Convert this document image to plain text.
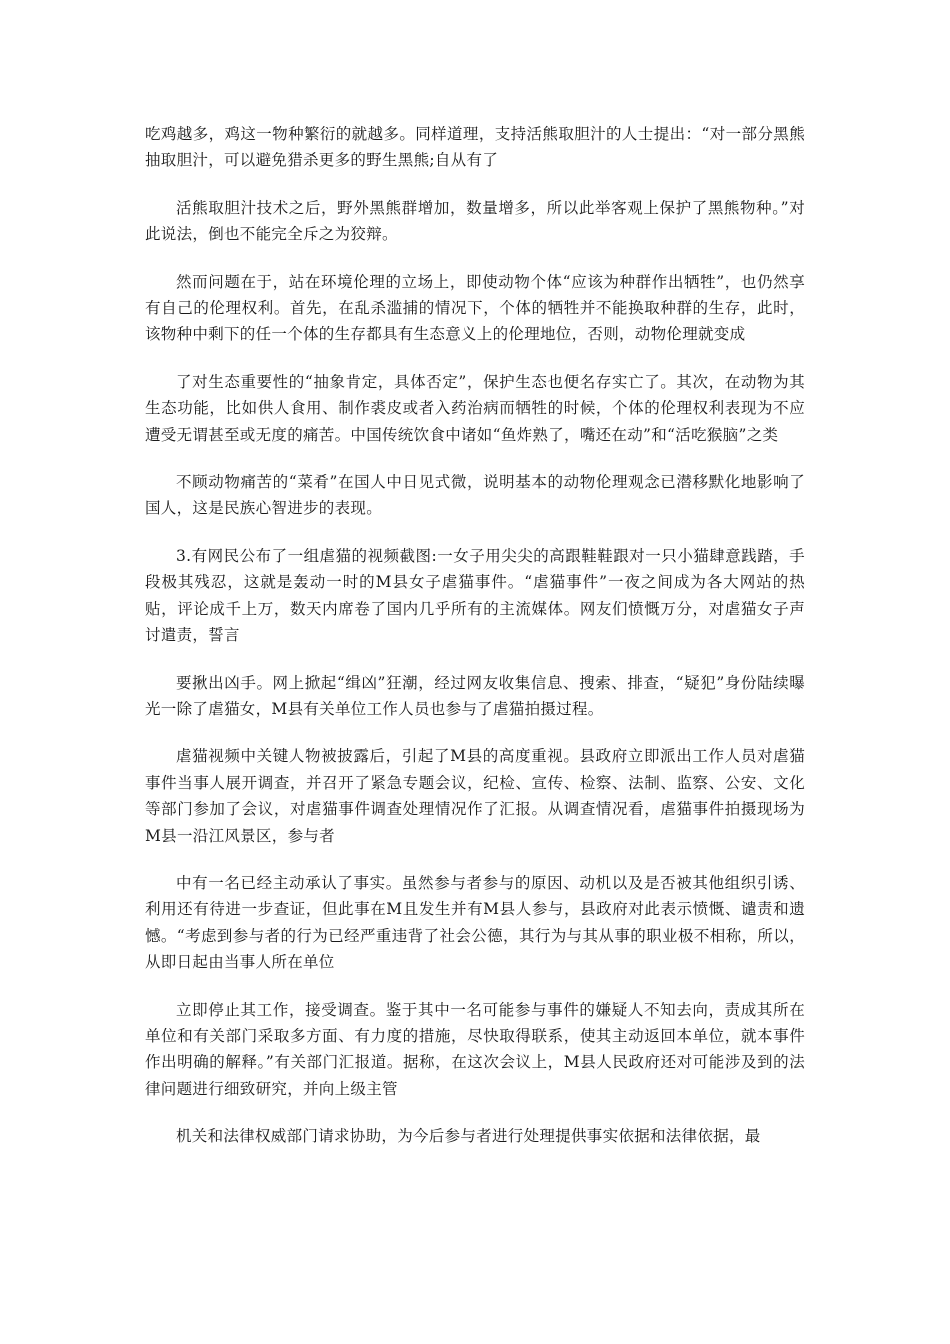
吃鸡越多，鸡这一物种繁衍的就越多。同样道理，支持活熊取胆汁的人士提出：“对一部分黑熊抽取胆汁，可以避免猎杀更多的野生黑熊;自从有了

活熊取胆汁技术之后，野外黑熊群增加，数量增多，所以此举客观上保护了黑熊物种。”对此说法，倒也不能完全斥之为狡辩。

然而问题在于，站在环境伦理的立场上，即使动物个体“应该为种群作出牺牲”，也仍然享有自己的伦理权利。首先，在乱杀滥捕的情况下，个体的牺牲并不能换取种群的生存，此时，该物种中剩下的任一个体的生存都具有生态意义上的伦理地位，否则，动物伦理就变成

了对生态重要性的“抽象肯定，具体否定”，保护生态也便名存实亡了。其次，在动物为其生态功能，比如供人食用、制作裘皮或者入药治病而牺牲的时候，个体的伦理权利表现为不应遭受无谓甚至或无度的痛苦。中国传统饮食中诸如“鱼炸熟了，嘴还在动”和“活吃猴脑”之类

不顾动物痛苦的“菜肴”在国人中日见式微，说明基本的动物伦理观念已潜移默化地影响了国人，这是民族心智进步的表现。

3.有网民公布了一组虐猫的视频截图:一女子用尖尖的高跟鞋鞋跟对一只小猫肆意践踏，手段极其残忍，这就是轰动一时的M县女子虐猫事件。“虐猫事件”一夜之间成为各大网站的热贴，评论成千上万，数天内席卷了国内几乎所有的主流媒体。网友们愤慨万分，对虐猫女子声讨遣责，誓言

要揪出凶手。网上掀起“缉凶”狂潮，经过网友收集信息、搜索、排查，“疑犯”身份陆续曝光一除了虐猫女，M县有关单位工作人员也参与了虐猫拍摄过程。

虐猫视频中关键人物被披露后，引起了M县的高度重视。县政府立即派出工作人员对虐猫事件当事人展开调查，并召开了紧急专题会议，纪检、宣传、检察、法制、监察、公安、文化等部门参加了会议，对虐猫事件调查处理情况作了汇报。从调查情况看，虐猫事件拍摄现场为M县一沿江风景区，参与者

中有一名已经主动承认了事实。虽然参与者参与的原因、动机以及是否被其他组织引诱、利用还有待进一步查证，但此事在M且发生并有M县人参与，县政府对此表示愤慨、谴责和遗憾。“考虑到参与者的行为已经严重违背了社会公德，其行为与其从事的职业极不相称，所以，从即日起由当事人所在单位

立即停止其工作，接受调查。鉴于其中一名可能参与事件的嫌疑人不知去向，责成其所在单位和有关部门采取多方面、有力度的措施，尽快取得联系，使其主动返回本单位，就本事件作出明确的解释。”有关部门汇报道。据称，在这次会议上，M县人民政府还对可能涉及到的法律问题进行细致研究，并向上级主管

机关和法律权威部门请求协助，为今后参与者进行处理提供事实依据和法律依据，最
